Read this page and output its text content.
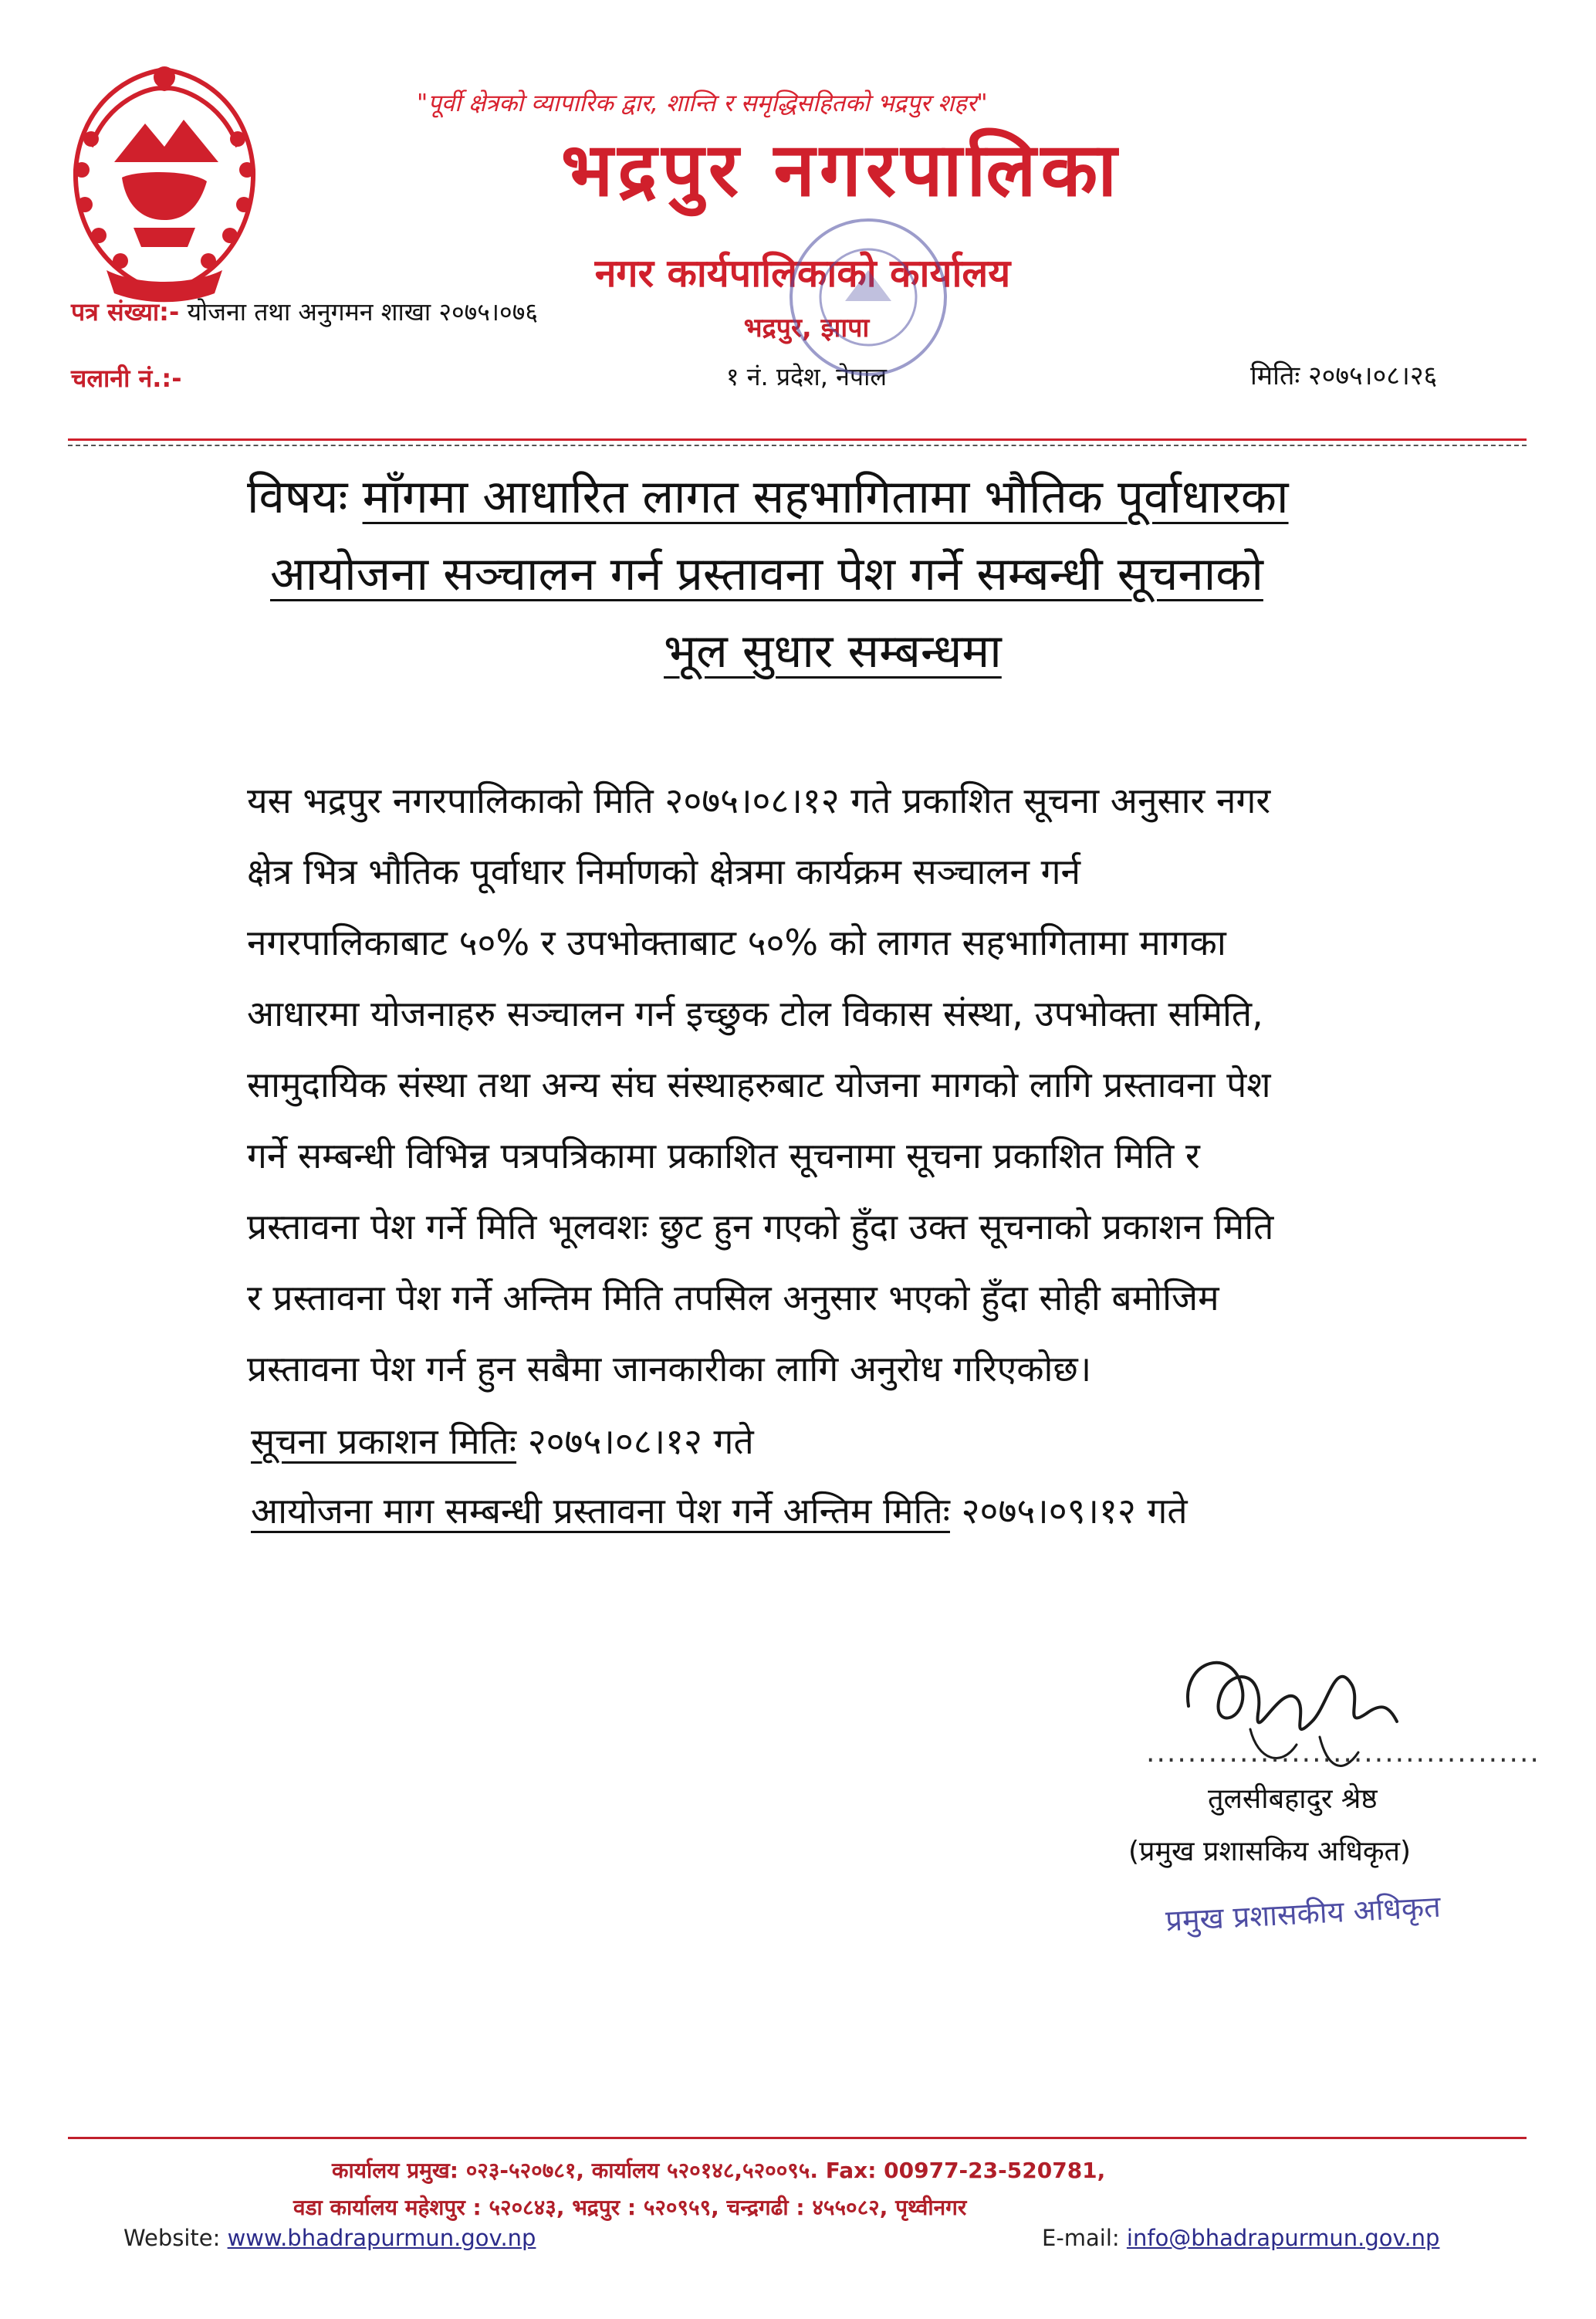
"पूर्वी क्षेत्रको व्यापारिक द्वार, शान्ति र समृद्धिसहितको भद्रपुर शहर"
भद्रपुर नगरपालिका
नगर कार्यपालिकाको कार्यालय
भद्रपुर, झापा
१ नं. प्रदेश, नेपाल
पत्र संख्या:- योजना तथा अनुगमन शाखा २०७५।०७६
चलानी नं.:-	मितिः २०७५।०८।२६
विषयः माँगमा आधारित लागत सहभागितामा भौतिक पूर्वाधारका
आयोजना सञ्चालन गर्न प्रस्तावना पेश गर्ने सम्बन्धी सूचनाको
भूल सुधार सम्बन्धमा
यस भद्रपुर नगरपालिकाको मिति २०७५।०८।१२ गते प्रकाशित सूचना अनुसार नगर
क्षेत्र भित्र भौतिक पूर्वाधार निर्माणको क्षेत्रमा कार्यक्रम सञ्चालन गर्न
नगरपालिकाबाट ५०% र उपभोक्ताबाट ५०% को लागत सहभागितामा मागका
आधारमा योजनाहरु सञ्चालन गर्न इच्छुक टोल विकास संस्था, उपभोक्ता समिति,
सामुदायिक संस्था तथा अन्य संघ संस्थाहरुबाट योजना मागको लागि प्रस्तावना पेश
गर्ने सम्बन्धी विभिन्न पत्रपत्रिकामा प्रकाशित सूचनामा सूचना प्रकाशित मिति र
प्रस्तावना पेश गर्ने मिति भूलवशः छुट हुन गएको हुँदा उक्त सूचनाको प्रकाशन मिति
र प्रस्तावना पेश गर्ने अन्तिम मिति तपसिल अनुसार भएको हुँदा सोही बमोजिम
प्रस्तावना पेश गर्न हुन सबैमा जानकारीका लागि अनुरोध गरिएकोछ।
सूचना प्रकाशन मितिः २०७५।०८।१२ गते
आयोजना माग सम्बन्धी प्रस्तावना पेश गर्ने अन्तिम मितिः २०७५।०९।१२ गते
......................................
तुलसीबहादुर श्रेष्ठ
(प्रमुख प्रशासकिय अधिकृत)
प्रमुख प्रशासकीय अधिकृत
कार्यालय प्रमुख: ०२३-५२०७८१, कार्यालय ५२०१४८,५२००९५. Fax: 00977-23-520781,
वडा कार्यालय महेशपुर : ५२०८४३, भद्रपुर : ५२०९५९, चन्द्रगढी : ४५५०८२, पृथ्वीनगर
Website: www.bhadrapurmun.gov.np	E-mail: info@bhadrapurmun.gov.np
